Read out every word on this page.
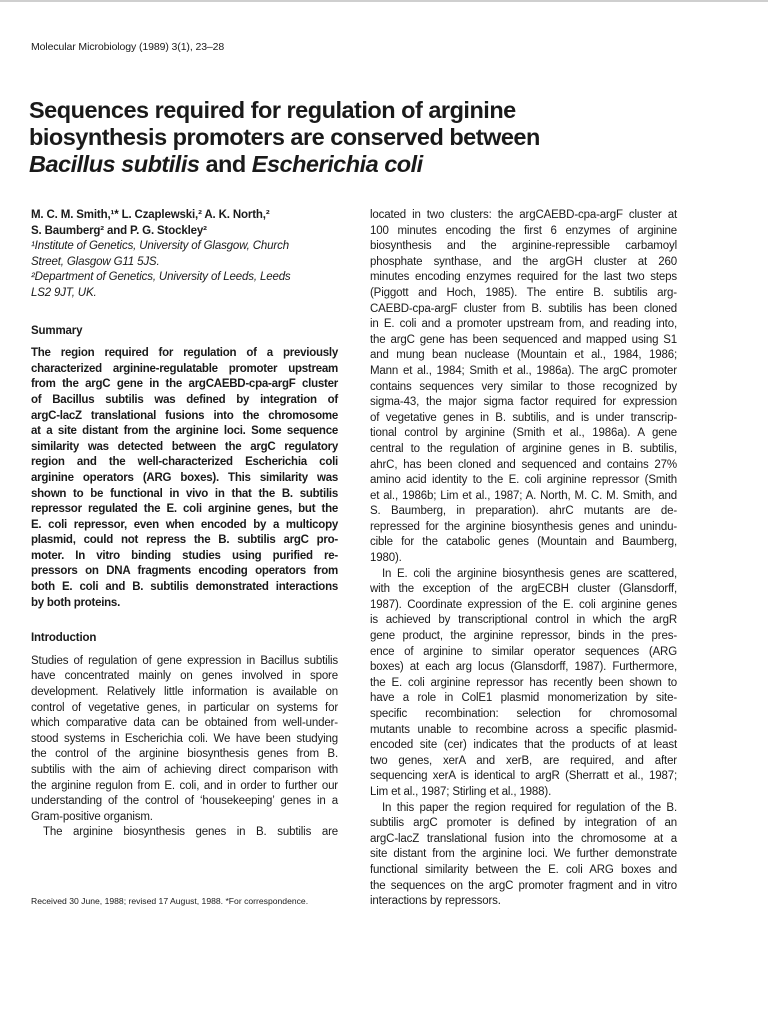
Molecular Microbiology (1989) 3(1), 23–28
Sequences required for regulation of arginine
biosynthesis promoters are conserved between
Bacillus subtilis and Escherichia coli
M. C. M. Smith,¹* L. Czaplewski,² A. K. North,²
S. Baumberg² and P. G. Stockley²
¹Institute of Genetics, University of Glasgow, Church
Street, Glasgow G11 5JS.
²Department of Genetics, University of Leeds, Leeds
LS2 9JT, UK.
Summary
The region required for regulation of a previously
characterized arginine-regulatable promoter upstream
from the argC gene in the argCAEBD-cpa-argF cluster
of Bacillus subtilis was defined by integration of
argC-lacZ translational fusions into the chromosome
at a site distant from the arginine loci. Some sequence
similarity was detected between the argC regulatory
region and the well-characterized Escherichia coli
arginine operators (ARG boxes). This similarity was
shown to be functional in vivo in that the B. subtilis
repressor regulated the E. coli arginine genes, but the
E. coli repressor, even when encoded by a multicopy
plasmid, could not repress the B. subtilis argC pro-
moter. In vitro binding studies using purified re-
pressors on DNA fragments encoding operators from
both E. coli and B. subtilis demonstrated interactions
by both proteins.
Introduction
Studies of regulation of gene expression in Bacillus subtilis
have concentrated mainly on genes involved in spore
development. Relatively little information is available on
control of vegetative genes, in particular on systems for
which comparative data can be obtained from well-under-
stood systems in Escherichia coli. We have been studying
the control of the arginine biosynthesis genes from B.
subtilis with the aim of achieving direct comparison with
the arginine regulon from E. coli, and in order to further our
understanding of the control of ‘housekeeping’ genes in a
Gram-positive organism.
The arginine biosynthesis genes in B. subtilis are
Received 30 June, 1988; revised 17 August, 1988. *For correspondence.
located in two clusters: the argCAEBD-cpa-argF cluster at
100 minutes encoding the first 6 enzymes of arginine
biosynthesis and the arginine-repressible carbamoyl
phosphate synthase, and the argGH cluster at 260
minutes encoding enzymes required for the last two steps
(Piggott and Hoch, 1985). The entire B. subtilis arg-
CAEBD-cpa-argF cluster from B. subtilis has been cloned
in E. coli and a promoter upstream from, and reading into,
the argC gene has been sequenced and mapped using S1
and mung bean nuclease (Mountain et al., 1984, 1986;
Mann et al., 1984; Smith et al., 1986a). The argC promoter
contains sequences very similar to those recognized by
sigma-43, the major sigma factor required for expression
of vegetative genes in B. subtilis, and is under transcrip-
tional control by arginine (Smith et al., 1986a). A gene
central to the regulation of arginine genes in B. subtilis,
ahrC, has been cloned and sequenced and contains 27%
amino acid identity to the E. coli arginine repressor (Smith
et al., 1986b; Lim et al., 1987; A. North, M. C. M. Smith, and
S. Baumberg, in preparation). ahrC mutants are de-
repressed for the arginine biosynthesis genes and unindu-
cible for the catabolic genes (Mountain and Baumberg,
1980).
In E. coli the arginine biosynthesis genes are scattered,
with the exception of the argECBH cluster (Glansdorff,
1987). Coordinate expression of the E. coli arginine genes
is achieved by transcriptional control in which the argR
gene product, the arginine repressor, binds in the pres-
ence of arginine to similar operator sequences (ARG
boxes) at each arg locus (Glansdorff, 1987). Furthermore,
the E. coli arginine repressor has recently been shown to
have a role in ColE1 plasmid monomerization by site-
specific recombination: selection for chromosomal
mutants unable to recombine across a specific plasmid-
encoded site (cer) indicates that the products of at least
two genes, xerA and xerB, are required, and after
sequencing xerA is identical to argR (Sherratt et al., 1987;
Lim et al., 1987; Stirling et al., 1988).
In this paper the region required for regulation of the B.
subtilis argC promoter is defined by integration of an
argC-lacZ translational fusion into the chromosome at a
site distant from the arginine loci. We further demonstrate
functional similarity between the E. coli ARG boxes and
the sequences on the argC promoter fragment and in vitro
interactions by repressors.
